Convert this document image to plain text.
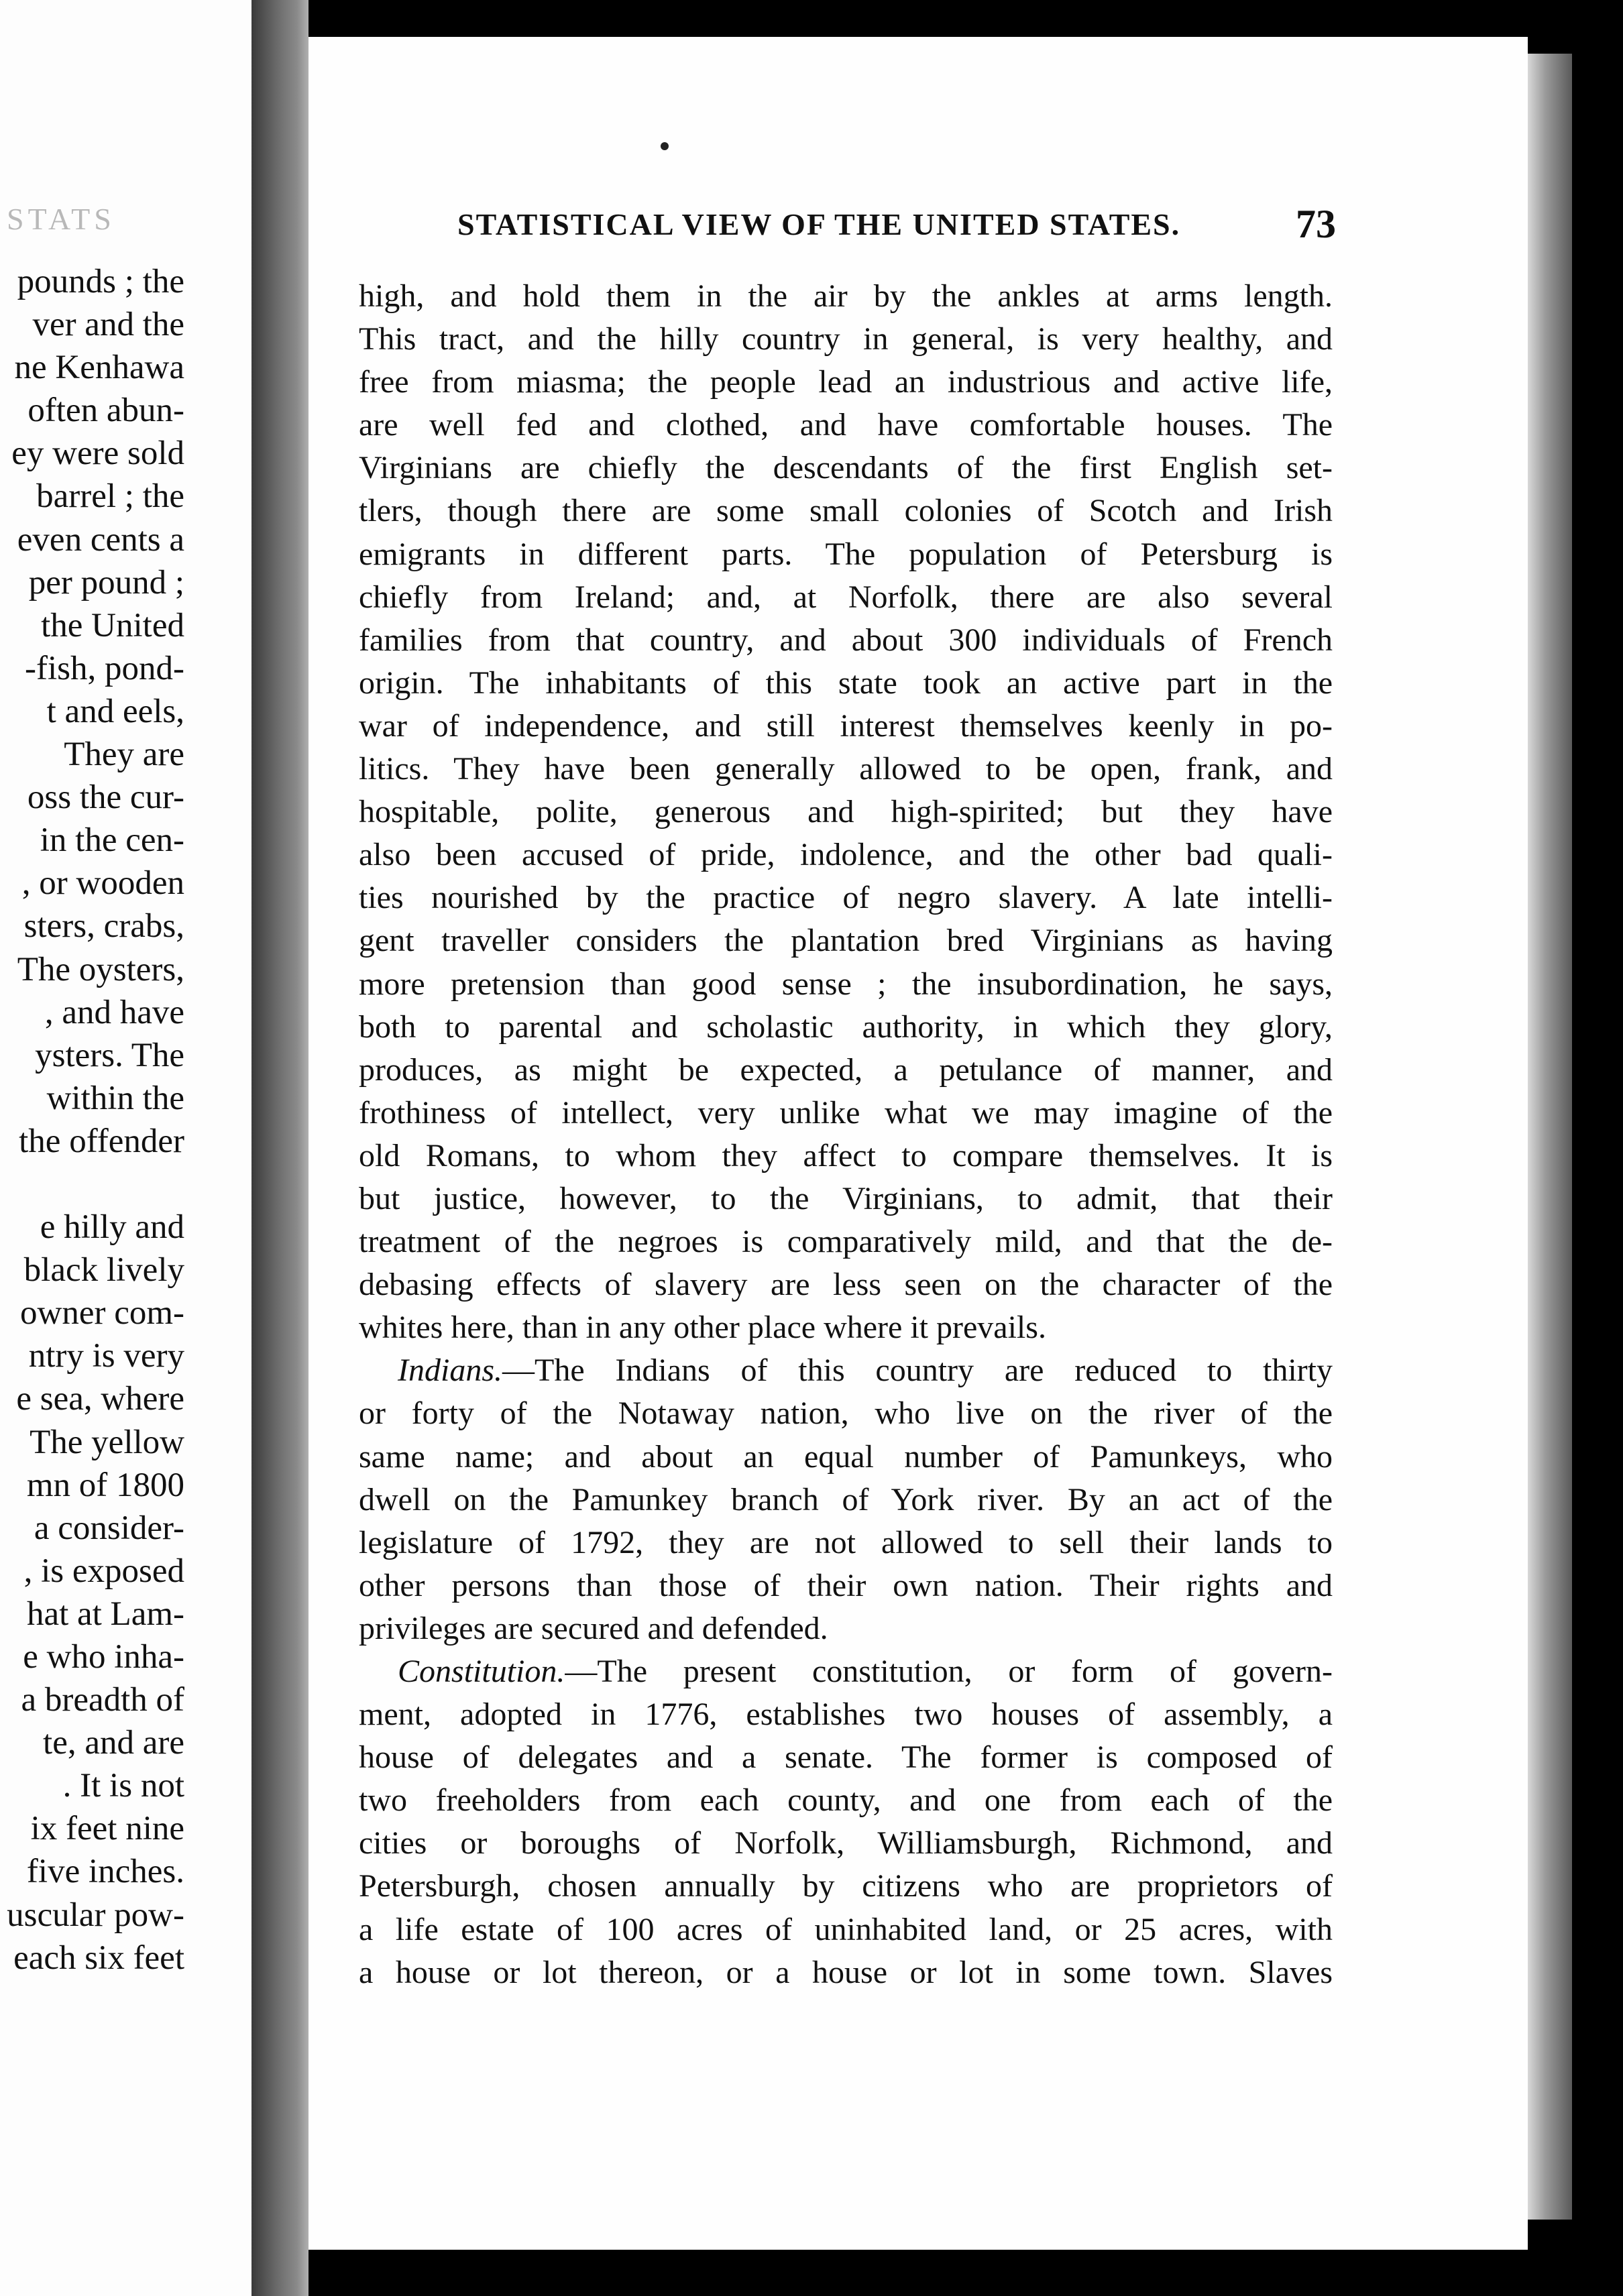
STATS
pounds ; the
ver and the
ne Kenhawa
often abun-
ey were sold
barrel ; the
even cents a
per pound ;
the United
-fish, pond-
t and eels,
They are
oss the cur-
in the cen-
, or wooden
sters, crabs,
The oysters,
, and have
ysters. The
within the
the offender
e hilly and
black lively
owner com-
ntry is very
e sea, where
The yellow
mn of 1800
a consider-
, is exposed
hat at Lam-
e who inha-
a breadth of
te, and are
. It is not
ix feet nine
five inches.
uscular pow-
each six feet
STATISTICAL VIEW OF THE UNITED STATES.	73
high, and hold them in the air by the ankles at arms length.
This tract, and the hilly country in general, is very healthy, and
free from miasma; the people lead an industrious and active life,
are well fed and clothed, and have comfortable houses. The
Virginians are chiefly the descendants of the first English set-
tlers, though there are some small colonies of Scotch and Irish
emigrants in different parts. The population of Petersburg is
chiefly from Ireland; and, at Norfolk, there are also several
families from that country, and about 300 individuals of French
origin. The inhabitants of this state took an active part in the
war of independence, and still interest themselves keenly in po-
litics. They have been generally allowed to be open, frank, and
hospitable, polite, generous and high-spirited; but they have
also been accused of pride, indolence, and the other bad quali-
ties nourished by the practice of negro slavery. A late intelli-
gent traveller considers the plantation bred Virginians as having
more pretension than good sense ; the insubordination, he says,
both to parental and scholastic authority, in which they glory,
produces, as might be expected, a petulance of manner, and
frothiness of intellect, very unlike what we may imagine of the
old Romans, to whom they affect to compare themselves. It is
but justice, however, to the Virginians, to admit, that their
treatment of the negroes is comparatively mild, and that the de-
debasing effects of slavery are less seen on the character of the
whites here, than in any other place where it prevails.
Indians.—The Indians of this country are reduced to thirty
or forty of the Notaway nation, who live on the river of the
same name; and about an equal number of Pamunkeys, who
dwell on the Pamunkey branch of York river. By an act of the
legislature of 1792, they are not allowed to sell their lands to
other persons than those of their own nation. Their rights and
privileges are secured and defended.
Constitution.—The present constitution, or form of govern-
ment, adopted in 1776, establishes two houses of assembly, a
house of delegates and a senate. The former is composed of
two freeholders from each county, and one from each of the
cities or boroughs of Norfolk, Williamsburgh, Richmond, and
Petersburgh, chosen annually by citizens who are proprietors of
a life estate of 100 acres of uninhabited land, or 25 acres, with
a house or lot thereon, or a house or lot in some town. Slaves
